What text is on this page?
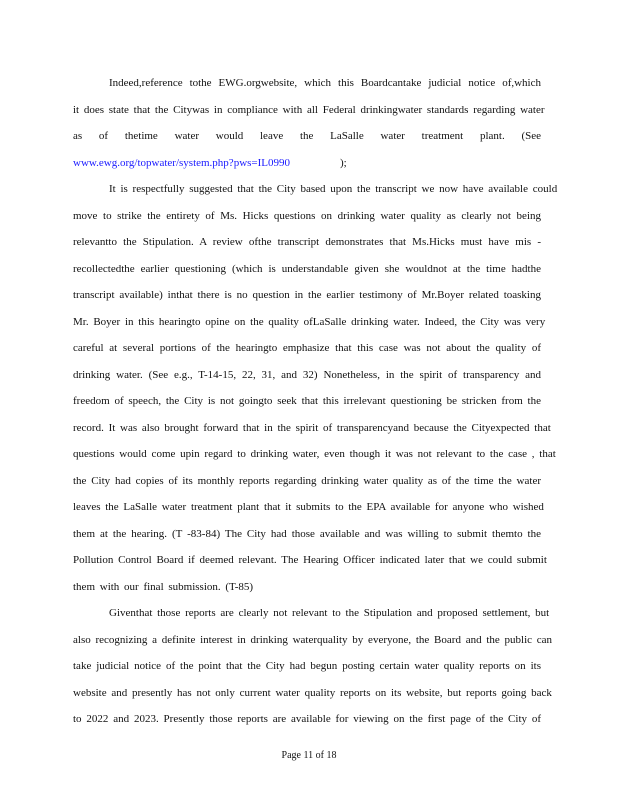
Indeed,reference tothe EWG.orgwebsite, which this Boardcantake judicial notice of,which
it does state that the Citywas in compliance with all Federal drinkingwater standards regarding water
as of thetime water would leave the LaSalle water treatment plant. (See
www.ewg.org/topwater/system.php?pws=IL0990	);

It is respectfully suggested that the City based upon the transcript we now have available could
move to strike the entirety of Ms. Hicks questions on drinking water quality as clearly not being
relevantto the Stipulation. A review ofthe transcript demonstrates that Ms.Hicks must have mis -
recollectedthe earlier questioning (which is understandable given she wouldnot at the time hadthe
transcript available) inthat there is no question in the earlier testimony of Mr.Boyer related toasking
Mr. Boyer in this hearingto opine on the quality ofLaSalle drinking water. Indeed, the City was very
careful at several portions of the hearingto emphasize that this case was not about the quality of
drinking water. (See e.g., T-14-15, 22, 31, and 32) Nonetheless, in the spirit of transparency and
freedom of speech, the City is not goingto seek that this irrelevant questioning be stricken from the
record. It was also brought forward that in the spirit of transparencyand because the Cityexpected that
questions would come upin regard to drinking water, even though it was not relevant to the case , that
the City had copies of its monthly reports regarding drinking water quality as of the time the water
leaves the LaSalle water treatment plant that it submits to the EPA available for anyone who wished
them at the hearing. (T -83-84) The City had those available and was willing to submit themto the
Pollution Control Board if deemed relevant. The Hearing Officer indicated later that we could submit
them with our final submission. (T-85)

Giventhat those reports are clearly not relevant to the Stipulation and proposed settlement, but
also recognizing a definite interest in drinking waterquality by everyone, the Board and the public can
take judicial notice of the point that the City had begun posting certain water quality reports on its
website and presently has not only current water quality reports on its website, but reports going back
to 2022 and 2023. Presently those reports are available for viewing on the first page of the City of

Page 11 of 18
